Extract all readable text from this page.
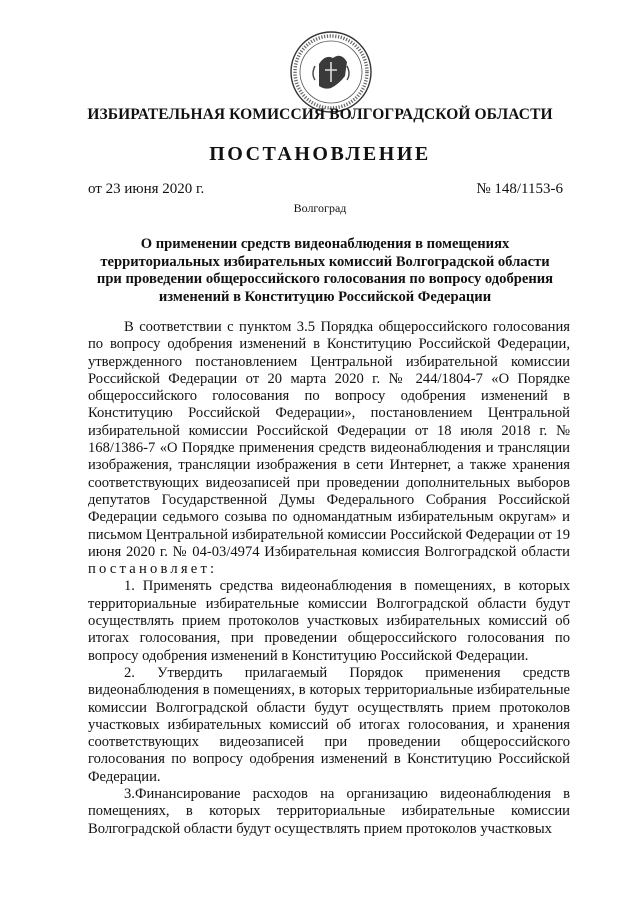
ИЗБИРАТЕЛЬНАЯ КОМИССИЯ ВОЛГОГРАДСКОЙ ОБЛАСТИ
ПОСТАНОВЛЕНИЕ
от 23 июня 2020 г.	№ 148/1153-6
Волгоград
О применении средств видеонаблюдения в помещениях
территориальных избирательных комиссий Волгоградской области
при проведении общероссийского голосования по вопросу одобрения
изменений в Конституцию Российской Федерации

В соответствии с пунктом 3.5 Порядка общероссийского голосования по вопросу одобрения изменений в Конституцию Российской Федерации, утвержденного постановлением Центральной избирательной комиссии Российской Федерации от 20 марта 2020 г. № 244/1804-7 «О Порядке общероссийского голосования по вопросу одобрения изменений в Конституцию Российской Федерации», постановлением Центральной избирательной комиссии Российской Федерации от 18 июля 2018 г. № 168/1386-7 «О Порядке применения средств видеонаблюдения и трансляции изображения, трансляции изображения в сети Интернет, а также хранения соответствующих видеозаписей при проведении дополнительных выборов депутатов Государственной Думы Федерального Собрания Российской Федерации седьмого созыва по одномандатным избирательным округам» и письмом Центральной избирательной комиссии Российской Федерации от 19 июня 2020 г. № 04-03/4974 Избирательная комиссия Волгоградской области постановляет:

1. Применять средства видеонаблюдения в помещениях, в которых территориальные избирательные комиссии Волгоградской области будут осуществлять прием протоколов участковых избирательных комиссий об итогах голосования, при проведении общероссийского голосования по вопросу одобрения изменений в Конституцию Российской Федерации.

2. Утвердить прилагаемый Порядок применения средств видеонаблюдения в помещениях, в которых территориальные избирательные комиссии Волгоградской области будут осуществлять прием протоколов участковых избирательных комиссий об итогах голосования, и хранения соответствующих видеозаписей при проведении общероссийского голосования по вопросу одобрения изменений в Конституцию Российской Федерации.

3.Финансирование расходов на организацию видеонаблюдения в помещениях, в которых территориальные избирательные комиссии Волгоградской области будут осуществлять прием протоколов участковых
